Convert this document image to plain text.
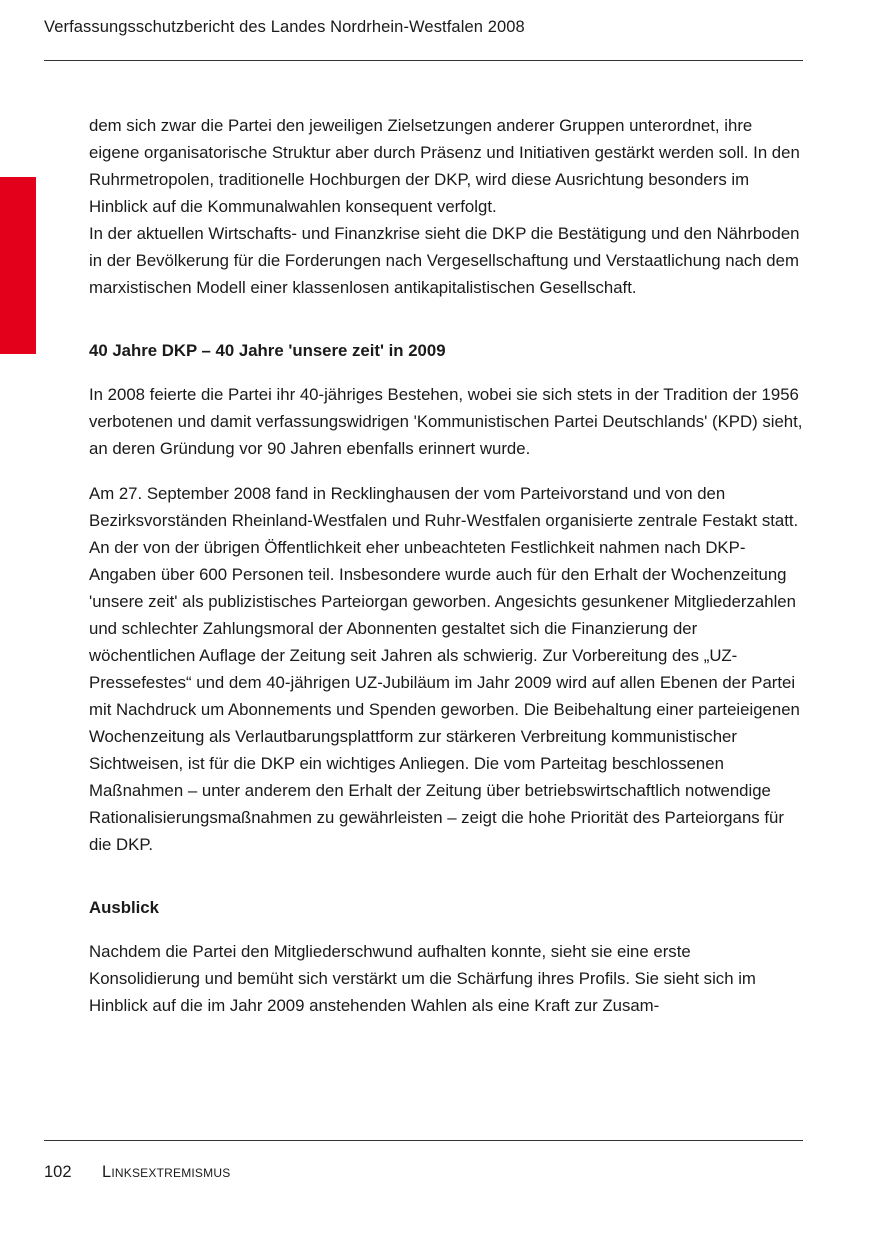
Verfassungsschutzbericht des Landes Nordrhein-Westfalen 2008

dem sich zwar die Partei den jeweiligen Zielsetzungen anderer Gruppen unterordnet, ihre eigene organisatorische Struktur aber durch Präsenz und Initiativen gestärkt werden soll. In den Ruhrmetropolen, traditionelle Hochburgen der DKP, wird diese Ausrichtung besonders im Hinblick auf die Kommunalwahlen konsequent verfolgt.

In der aktuellen Wirtschafts- und Finanzkrise sieht die DKP die Bestätigung und den Nährboden in der Bevölkerung für die Forderungen nach Vergesellschaftung und Verstaatlichung nach dem marxistischen Modell einer klassenlosen antikapitalistischen Gesellschaft.

40 Jahre DKP – 40 Jahre 'unsere zeit' in 2009

In 2008 feierte die Partei ihr 40-jähriges Bestehen, wobei sie sich stets in der Tradition der 1956 verbotenen und damit verfassungswidrigen 'Kommunistischen Partei Deutschlands' (KPD) sieht, an deren Gründung vor 90 Jahren ebenfalls erinnert wurde.

Am 27. September 2008 fand in Recklinghausen der vom Parteivorstand und von den Bezirksvorständen Rheinland-Westfalen und Ruhr-Westfalen organisierte zentrale Festakt statt. An der von der übrigen Öffentlichkeit eher unbeachteten Festlichkeit nahmen nach DKP-Angaben über 600 Personen teil. Insbesondere wurde auch für den Erhalt der Wochenzeitung 'unsere zeit' als publizistisches Parteiorgan geworben. Angesichts gesunkener Mitgliederzahlen und schlechter Zahlungsmoral der Abonnenten gestaltet sich die Finanzierung der wöchentlichen Auflage der Zeitung seit Jahren als schwierig. Zur Vorbereitung des „UZ-Pressefestes“ und dem 40-jährigen UZ-Jubiläum im Jahr 2009 wird auf allen Ebenen der Partei mit Nachdruck um Abonnements und Spenden geworben. Die Beibehaltung einer parteieigenen Wochenzeitung als Verlautbarungsplattform zur stärkeren Verbreitung kommunistischer Sichtweisen, ist für die DKP ein wichtiges Anliegen. Die vom Parteitag beschlossenen Maßnahmen – unter anderem den Erhalt der Zeitung über betriebswirtschaftlich notwendige Rationalisierungsmaßnahmen zu gewährleisten – zeigt die hohe Priorität des Parteiorgans für die DKP.

Ausblick

Nachdem die Partei den Mitgliederschwund aufhalten konnte, sieht sie eine erste Konsolidierung und bemüht sich verstärkt um die Schärfung ihres Profils. Sie sieht sich im Hinblick auf die im Jahr 2009 anstehenden Wahlen als eine Kraft zur Zusam-

102 Linksextremismus
